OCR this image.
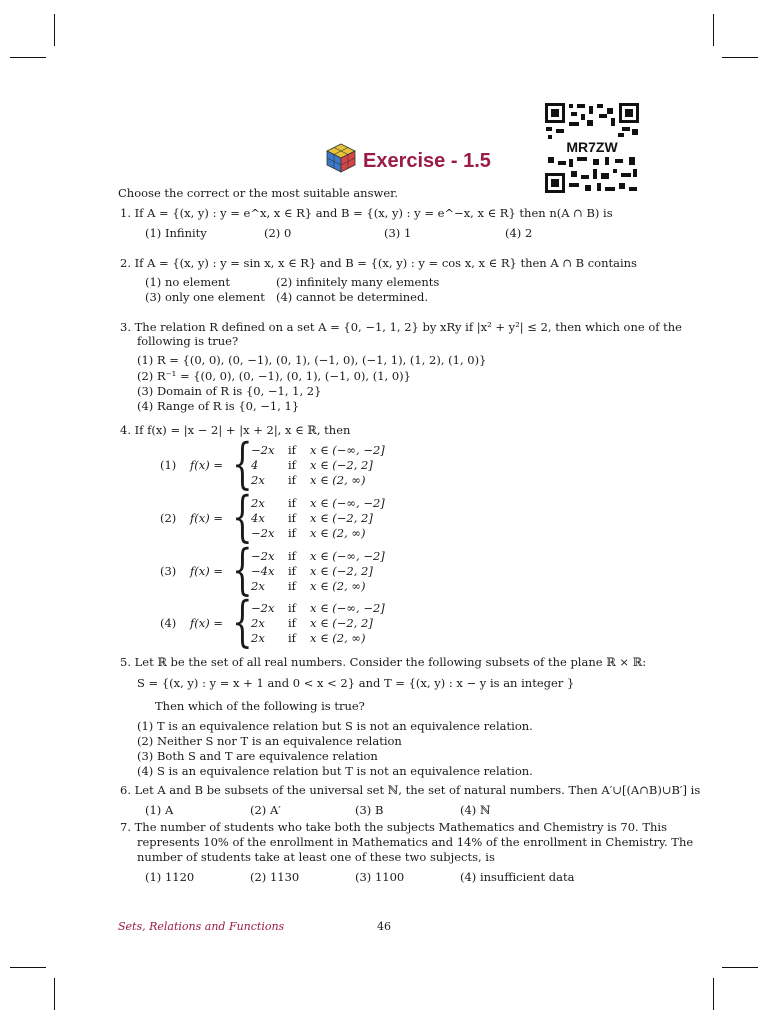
Exercise - 1.5
MR7ZW
Choose the correct or the most suitable answer.
1. If A = {(x, y) : y = e^x, x ∈ R} and B = {(x, y) : y = e^−x, x ∈ R} then n(A ∩ B) is
(1) Infinity	(2) 0	(3) 1	(4) 2
2. If A = {(x, y) : y = sin x, x ∈ R} and B = {(x, y) : y = cos x, x ∈ R} then A ∩ B contains
(1) no element	(2) infinitely many elements
(3) only one element (4) cannot be determined.
3. The relation R defined on a set A = {0, −1, 1, 2} by xRy if |x² + y²| ≤ 2, then which one of the
following is true?
(1) R = {(0, 0), (0, −1), (0, 1), (−1, 0), (−1, 1), (1, 2), (1, 0)}
(2) R⁻¹ = {(0, 0), (0, −1), (0, 1), (−1, 0), (1, 0)}
(3) Domain of R is {0, −1, 1, 2}
(4) Range of R is {0, −1, 1}
4. If f(x) = |x − 2| + |x + 2|, x ∈ ℝ, then
(1) f(x) = {
−2x if x ∈ (−∞, −2]
4	if x ∈ (−2, 2]
2x if x ∈ (2, ∞)
(2) f(x) = {
2x if x ∈ (−∞, −2]
4x if x ∈ (−2, 2]
−2x if x ∈ (2, ∞)
(3) f(x) = {
−2x if x ∈ (−∞, −2]
−4x if x ∈ (−2, 2]
2x if x ∈ (2, ∞)
(4) f(x) = {
−2x if x ∈ (−∞, −2]
2x if x ∈ (−2, 2]
2x if x ∈ (2, ∞)
5. Let ℝ be the set of all real numbers. Consider the following subsets of the plane ℝ × ℝ:
S = {(x, y) : y = x + 1 and 0 < x < 2} and T = {(x, y) : x − y is an integer }
Then which of the following is true?
(1) T is an equivalence relation but S is not an equivalence relation.
(2) Neither S nor T is an equivalence relation
(3) Both S and T are equivalence relation
(4) S is an equivalence relation but T is not an equivalence relation.
6. Let A and B be subsets of the universal set ℕ, the set of natural numbers. Then A′∪[(A∩B)∪B′] is
(1) A	(2) A′	(3) B	(4) ℕ
7. The number of students who take both the subjects Mathematics and Chemistry is 70. This
represents 10% of the enrollment in Mathematics and 14% of the enrollment in Chemistry. The
number of students take at least one of these two subjects, is
(1) 1120	(2) 1130	(3) 1100	(4) insufficient data
Sets, Relations and Functions	46
